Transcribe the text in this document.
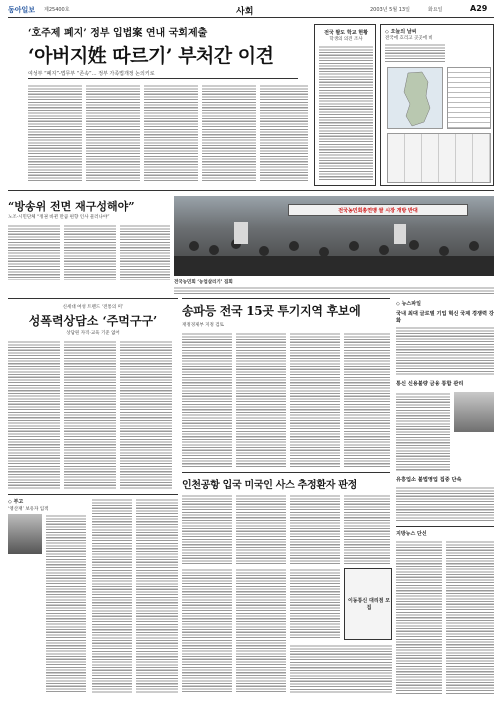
동아일보 제25400호	사회	2003년 5월 13일	화요일	A29
‘호주제 폐지’ 정부 입법案 연내 국회제출
‘아버지姓 따르기’ 부처간 이견
여성부 “폐지”-법무부 “존속”… 정부 가족법개정 논의키로
전국 팔도 학교 현황
학생의 의견 조사
◇ 오늘의 날씨
전국에 흐리고 곳곳에 비
“방송위 전면 재구성해야”
노조·시민단체 “정권 바뀐 만큼 편향 인사 물러나야”
전국농민회총연맹 쌀 시장 개방 반대
전국농민회 ‘농업살리기’ 집회
신세대 여성 트렌드 ‘전통의 미’
성폭력상담소 ‘주먹구구’
상담원 자격·교육 기준 없어
송파등 전국 15곳 투기지역 후보에
재정경제부 지정 검토
◇ 뉴스파일
국내 최대 글로벌 기업 혁신 국제 경쟁력 강화
통신 신용불량 금융 통합 관리
유흥업소 불법영업 집중 단속
인천공항 입국 미국인 사스 추정환자 판정
◇ 부고
‘영산재’ 보유자 입적
이동통신 대리점 모집
지방뉴스 단신
